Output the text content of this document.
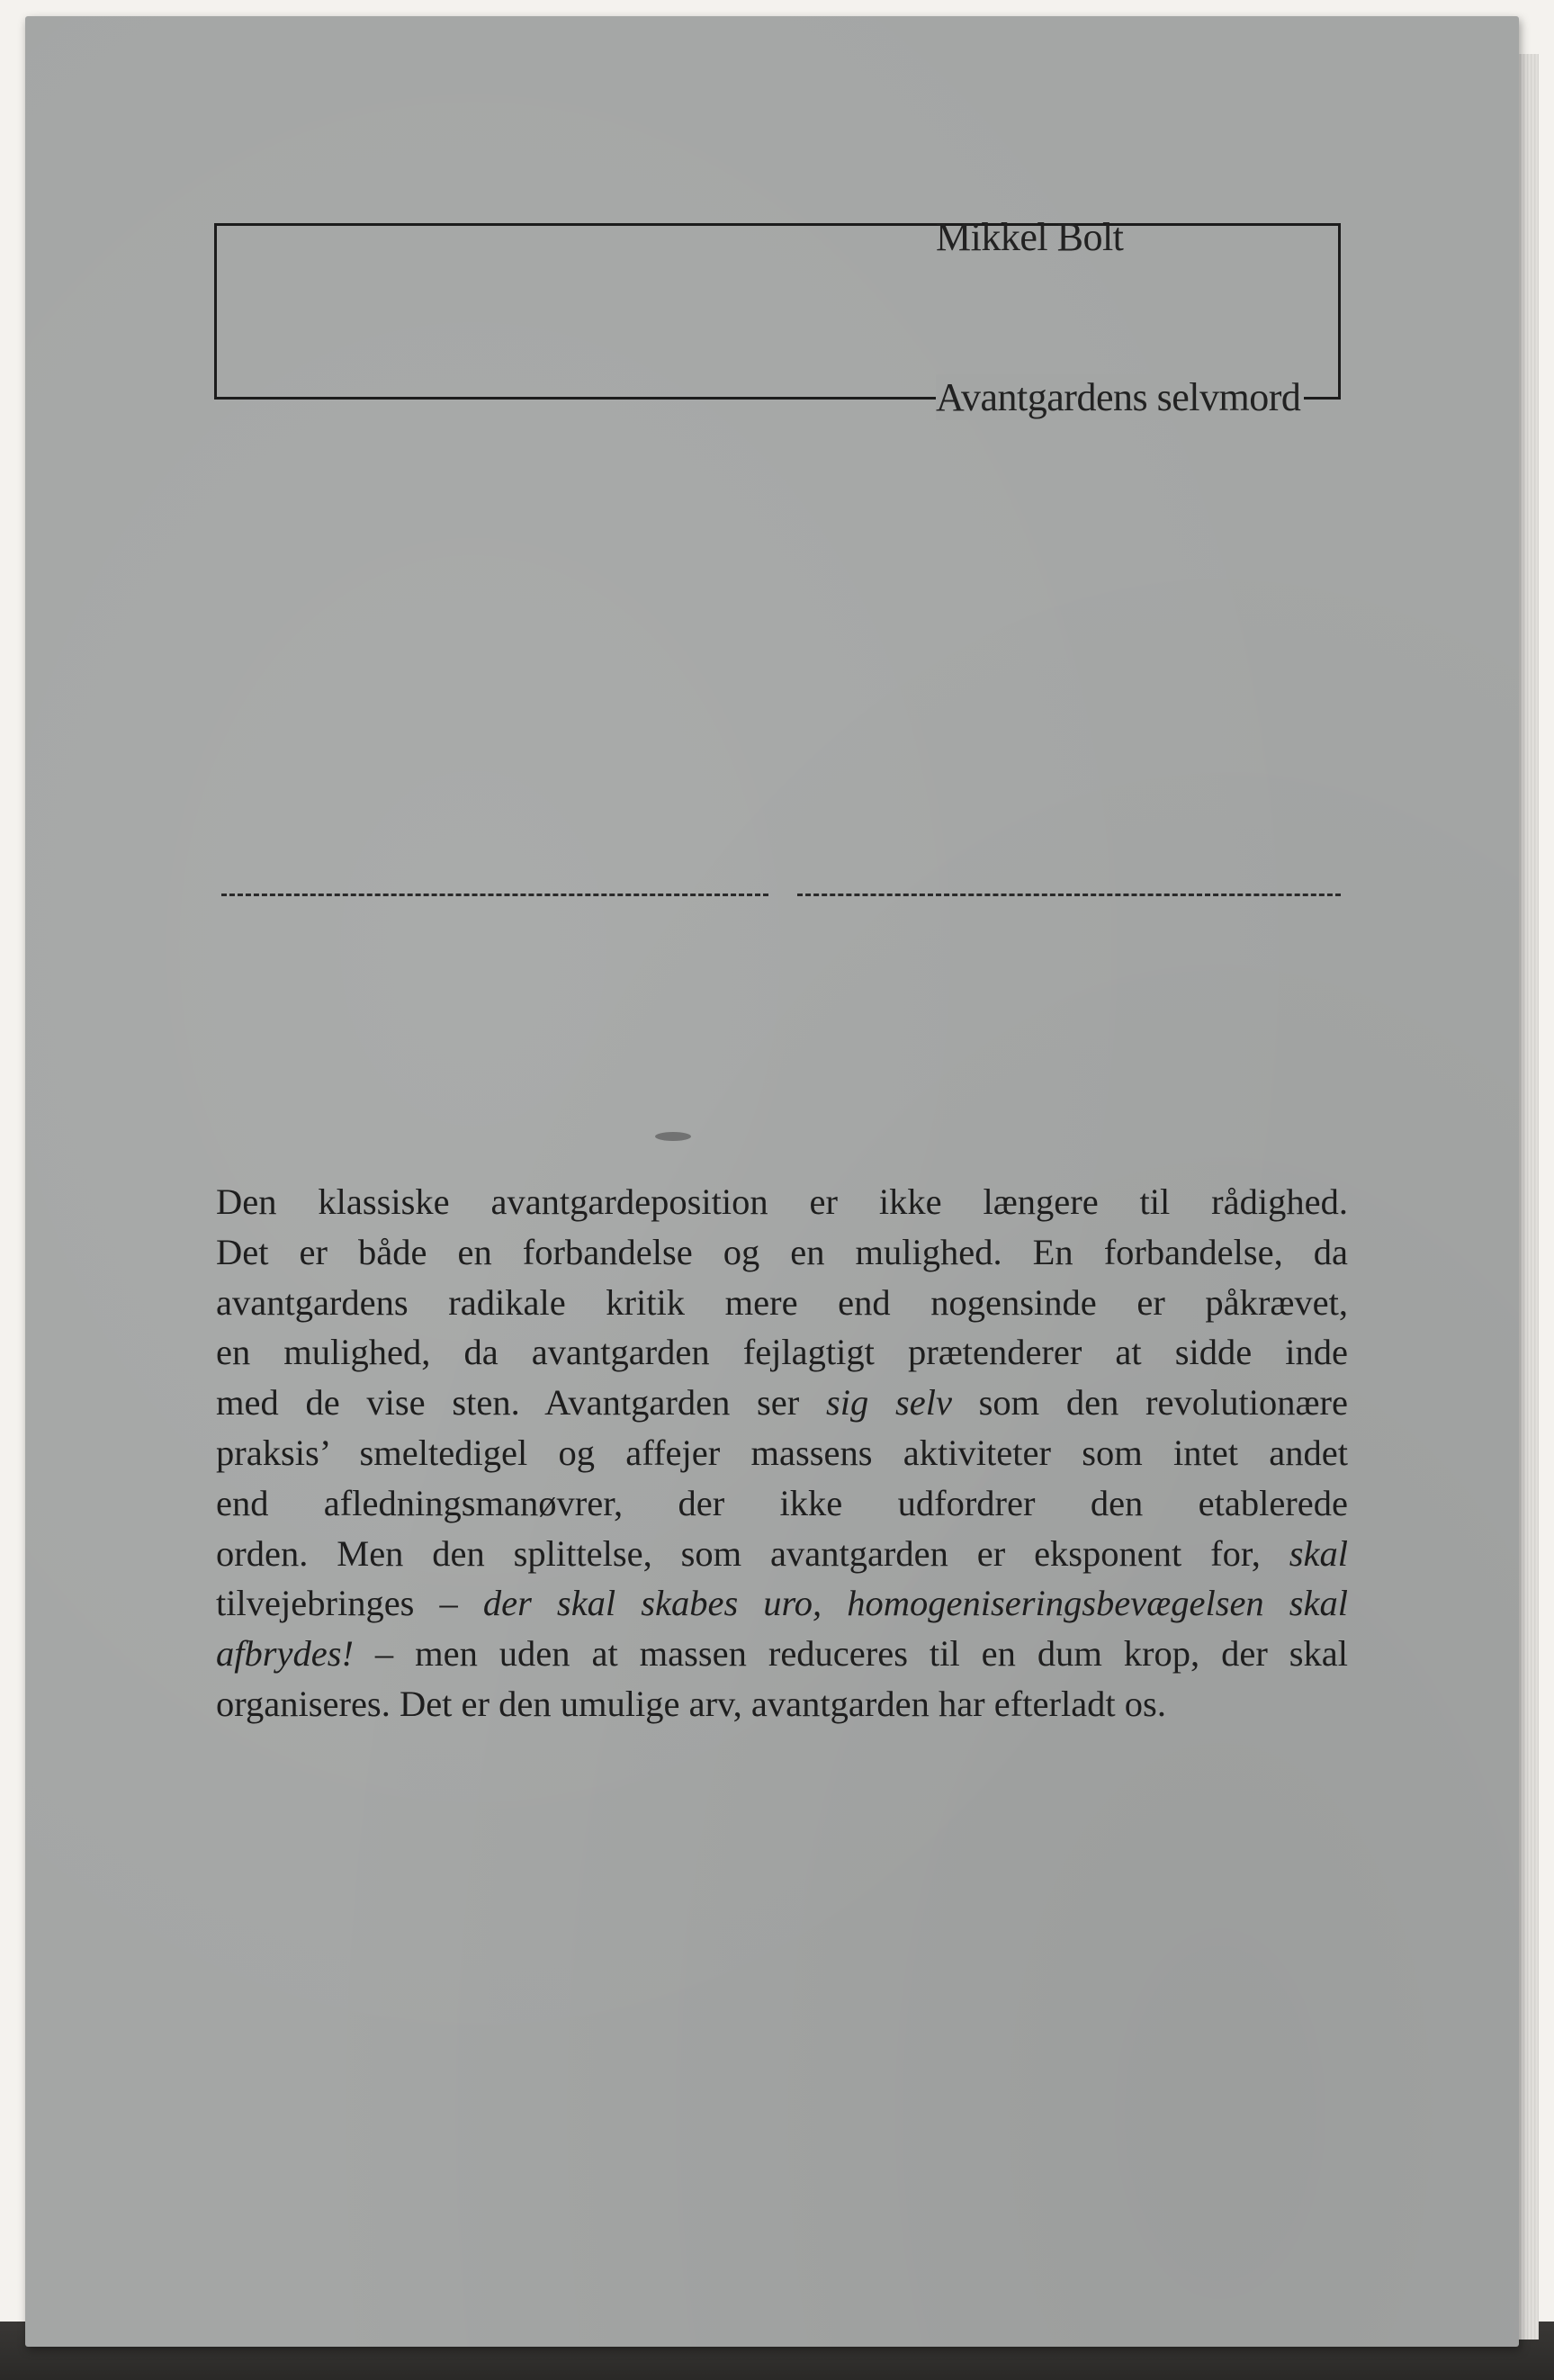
Mikkel Bolt
Avantgardens selvmord
Den klassiske avantgardeposition er ikke længere til rådighed.
Det er både en forbandelse og en mulighed. En forbandelse, da
avantgardens radikale kritik mere end nogensinde er påkrævet,
en mulighed, da avantgarden fejlagtigt prætenderer at sidde inde
med de vise sten. Avantgarden ser sig selv som den revolutionære
praksis’ smeltedigel og affejer massens aktiviteter som intet andet
end afledningsmanøvrer, der ikke udfordrer den etablerede
orden. Men den splittelse, som avantgarden er eksponent for, skal
tilvejebringes – der skal skabes uro, homogeniseringsbevægelsen skal
afbrydes! – men uden at massen reduceres til en dum krop, der skal
organiseres. Det er den umulige arv, avantgarden har efterladt os.
